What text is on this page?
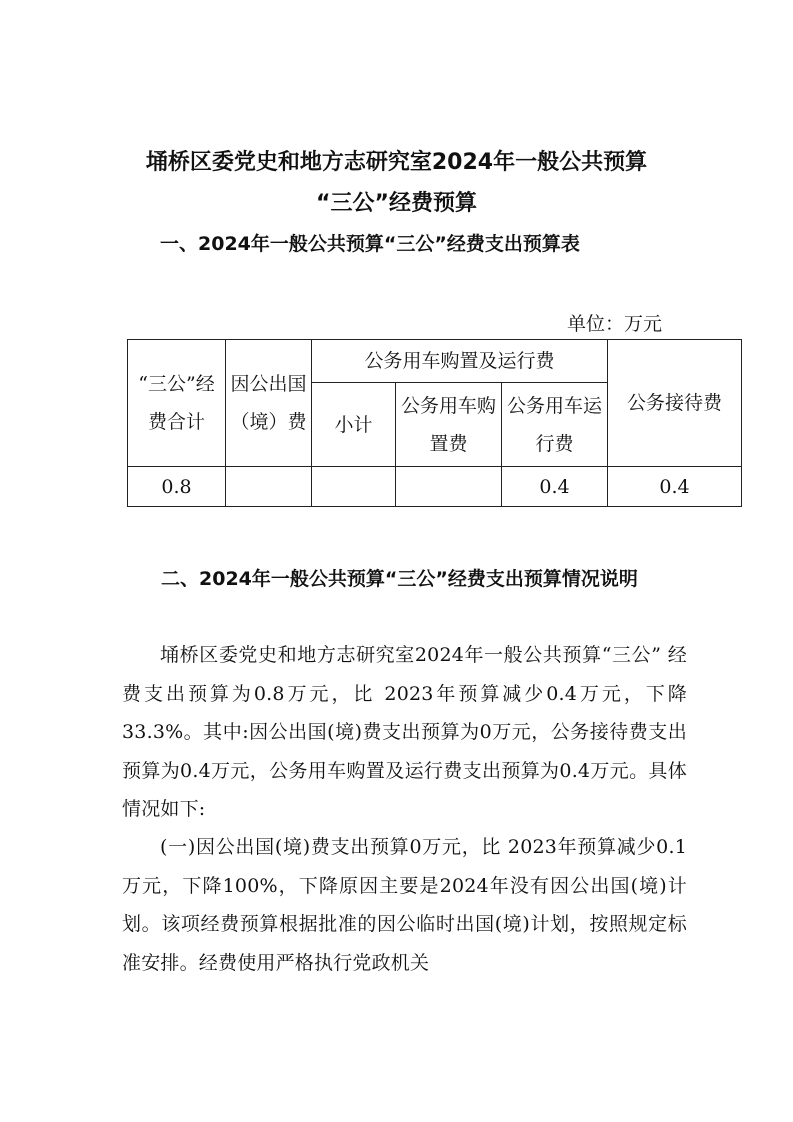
埇桥区委党史和地方志研究室2024年一般公共预算
“三公”经费预算
一、2024年一般公共预算“三公”经费支出预算表
单位：万元
“三公”经费合计	因公出国（境）费	公务用车购置及运行费			公务接待费
		小计	公务用车购置费	公务用车运行费	

0.8				0.4	0.4

二、2024年一般公共预算“三公”经费支出预算情况说明

埇桥区委党史和地方志研究室2024年一般公共预算“三公” 经费支出预算为0.8万元，比 2023年预算减少0.4万元，下降33.3%。其中:因公出国(境)费支出预算为0万元，公务接待费支出预算为0.4万元，公务用车购置及运行费支出预算为0.4万元。具体情况如下:

(一)因公出国(境)费支出预算0万元，比 2023年预算减少0.1万元，下降100%，下降原因主要是2024年没有因公出国(境)计划。该项经费预算根据批准的因公临时出国(境)计划，按照规定标准安排。经费使用严格执行党政机关
